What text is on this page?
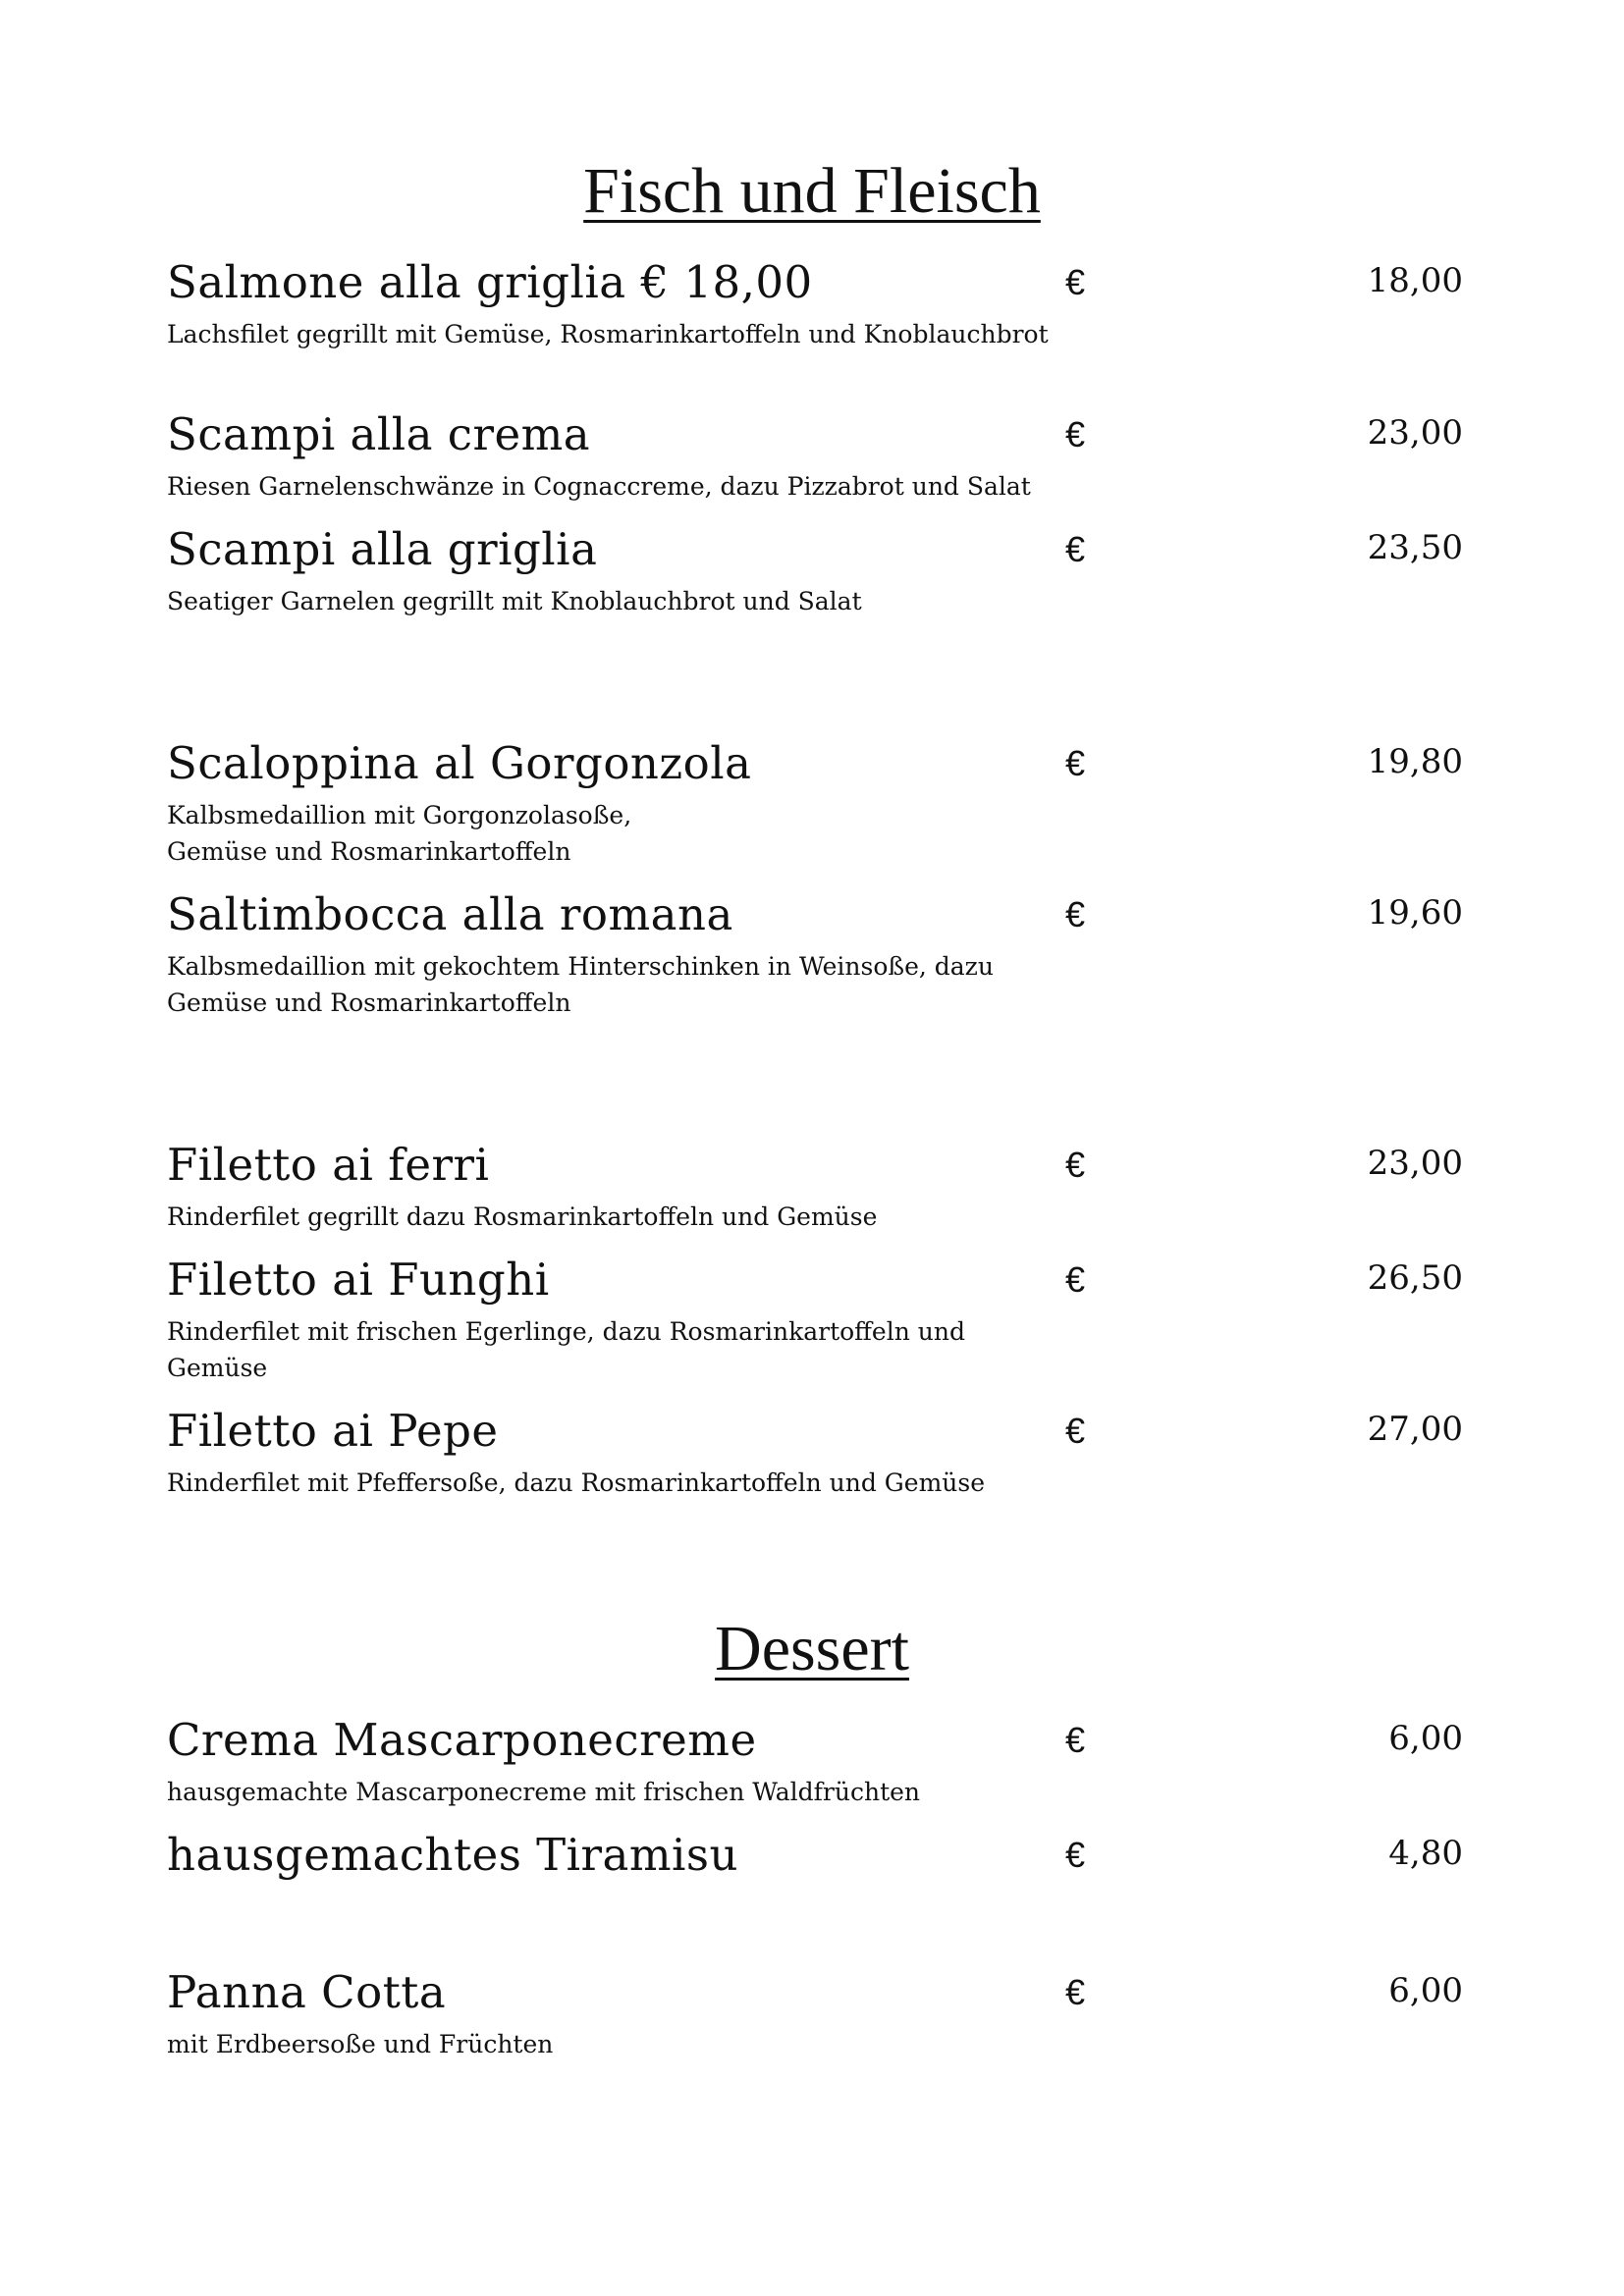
Fisch und Fleisch
Salmone alla griglia € 18,00	€	18,00
Lachsfilet gegrillt mit Gemüse, Rosmarinkartoffeln und Knoblauchbrot
Scampi alla crema	€	23,00
Riesen Garnelenschwänze in Cognaccreme, dazu Pizzabrot und Salat
Scampi alla griglia	€	23,50
Seatiger Garnelen gegrillt mit Knoblauchbrot und Salat
Scaloppina al Gorgonzola	€	19,80
Kalbsmedaillion mit Gorgonzolasoße,
Gemüse und Rosmarinkartoffeln
Saltimbocca alla romana	€	19,60
Kalbsmedaillion mit gekochtem Hinterschinken in Weinsoße, dazu
Gemüse und Rosmarinkartoffeln
Filetto ai ferri	€	23,00
Rinderfilet gegrillt dazu Rosmarinkartoffeln und Gemüse
Filetto ai Funghi	€	26,50
Rinderfilet mit frischen Egerlinge, dazu Rosmarinkartoffeln und
Gemüse
Filetto ai Pepe	€	27,00
Rinderfilet mit Pfeffersoße, dazu Rosmarinkartoffeln und Gemüse
Dessert
Crema Mascarponecreme	€	6,00
hausgemachte Mascarponecreme mit frischen Waldfrüchten
hausgemachtes Tiramisu	€	4,80
Panna Cotta	€	6,00
mit Erdbeersoße und Früchten
